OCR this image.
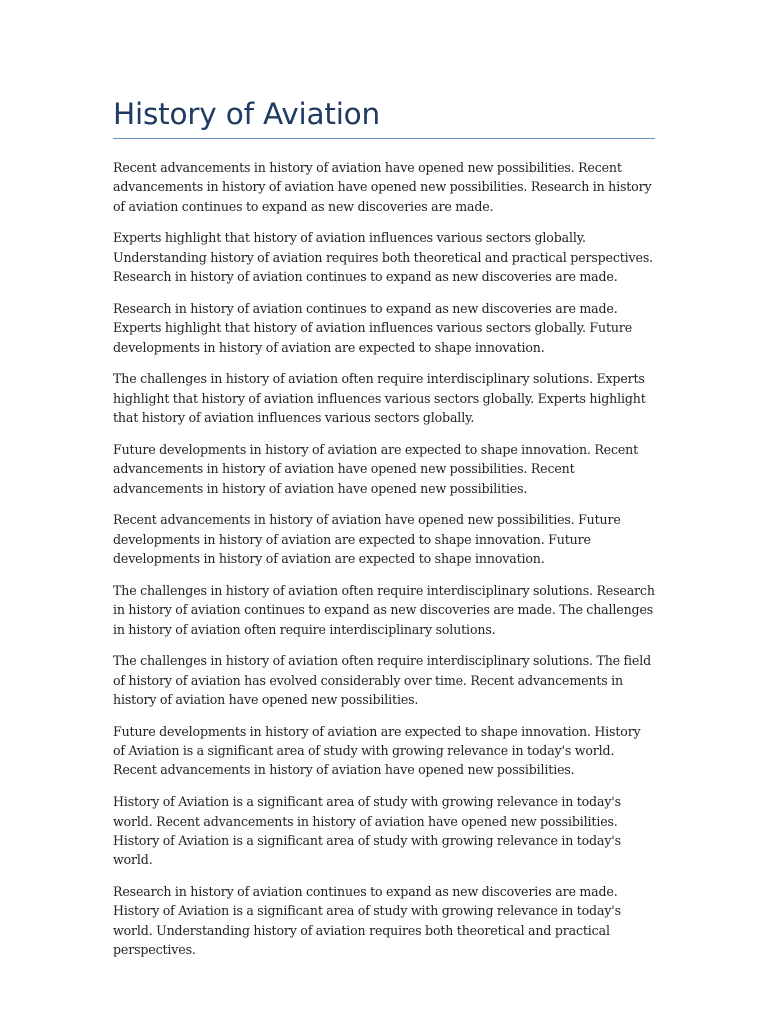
History of Aviation

Recent advancements in history of aviation have opened new possibilities. Recent advancements in history of aviation have opened new possibilities. Research in history of aviation continues to expand as new discoveries are made.

Experts highlight that history of aviation influences various sectors globally. Understanding history of aviation requires both theoretical and practical perspectives. Research in history of aviation continues to expand as new discoveries are made.

Research in history of aviation continues to expand as new discoveries are made. Experts highlight that history of aviation influences various sectors globally. Future developments in history of aviation are expected to shape innovation.

The challenges in history of aviation often require interdisciplinary solutions. Experts highlight that history of aviation influences various sectors globally. Experts highlight that history of aviation influences various sectors globally.

Future developments in history of aviation are expected to shape innovation. Recent advancements in history of aviation have opened new possibilities. Recent advancements in history of aviation have opened new possibilities.

Recent advancements in history of aviation have opened new possibilities. Future developments in history of aviation are expected to shape innovation. Future developments in history of aviation are expected to shape innovation.

The challenges in history of aviation often require interdisciplinary solutions. Research in history of aviation continues to expand as new discoveries are made. The challenges in history of aviation often require interdisciplinary solutions.

The challenges in history of aviation often require interdisciplinary solutions. The field of history of aviation has evolved considerably over time. Recent advancements in history of aviation have opened new possibilities.

Future developments in history of aviation are expected to shape innovation. History of Aviation is a significant area of study with growing relevance in today's world. Recent advancements in history of aviation have opened new possibilities.

History of Aviation is a significant area of study with growing relevance in today's world. Recent advancements in history of aviation have opened new possibilities. History of Aviation is a significant area of study with growing relevance in today's world.

Research in history of aviation continues to expand as new discoveries are made. History of Aviation is a significant area of study with growing relevance in today's world. Understanding history of aviation requires both theoretical and practical perspectives.
